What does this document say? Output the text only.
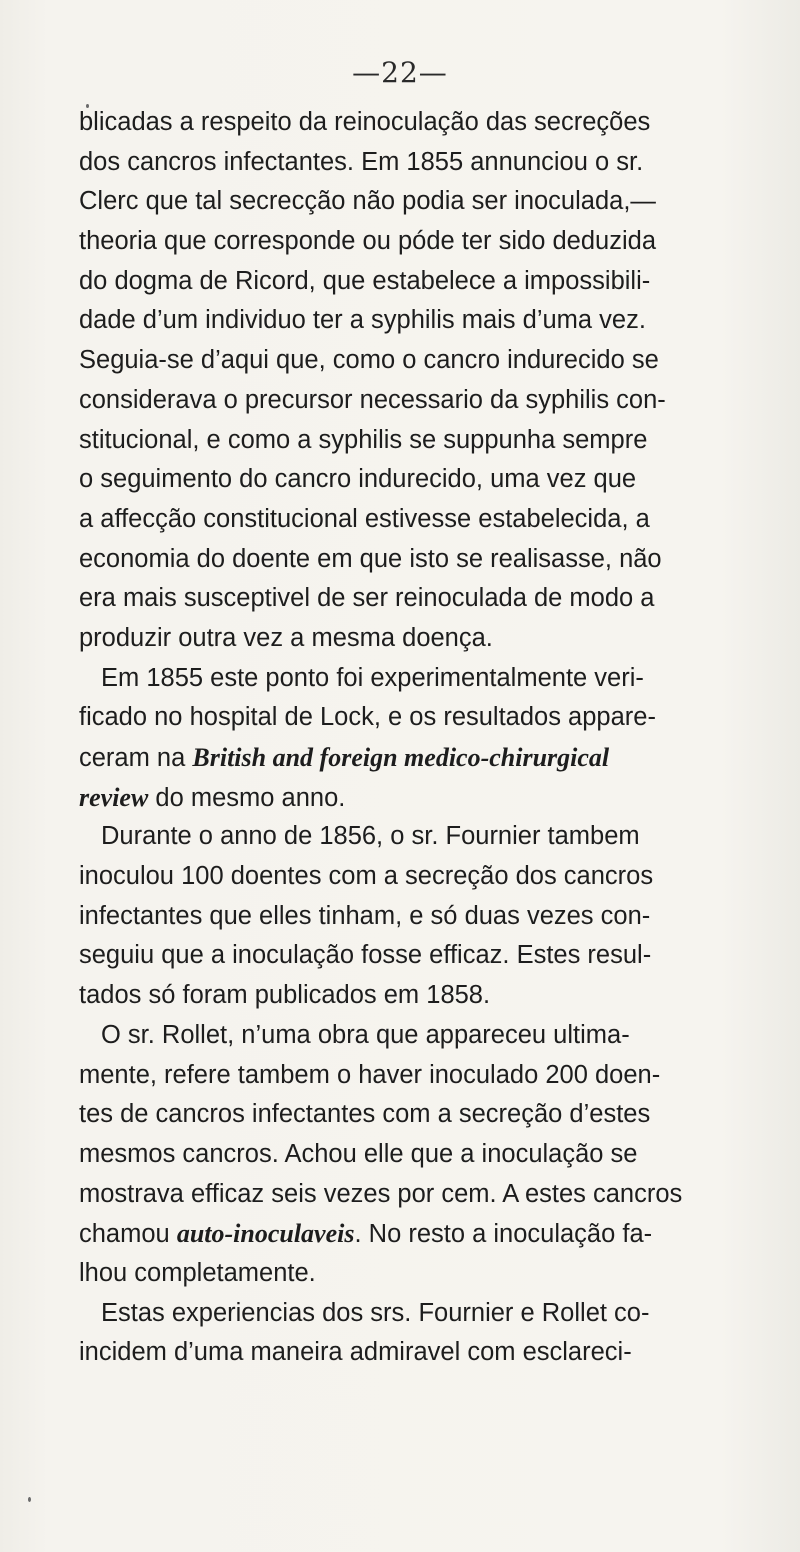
—22—
blicadas a respeito da reinoculação das secreções
dos cancros infectantes. Em 1855 annunciou o sr.
Clerc que tal secrecção não podia ser inoculada,—
theoria que corresponde ou póde ter sido deduzida
do dogma de Ricord, que estabelece a impossibili-
dade d’um individuo ter a syphilis mais d’uma vez.
Seguia-se d’aqui que, como o cancro indurecido se
considerava o precursor necessario da syphilis con-
stitucional, e como a syphilis se suppunha sempre
o seguimento do cancro indurecido, uma vez que
a affecção constitucional estivesse estabelecida, a
economia do doente em que isto se realisasse, não
era mais susceptivel de ser reinoculada de modo a
produzir outra vez a mesma doença.
Em 1855 este ponto foi experimentalmente veri-
ficado no hospital de Lock, e os resultados appare-
ceram na British and foreign medico-chirurgical
review do mesmo anno.
Durante o anno de 1856, o sr. Fournier tambem
inoculou 100 doentes com a secreção dos cancros
infectantes que elles tinham, e só duas vezes con-
seguiu que a inoculação fosse efficaz. Estes resul-
tados só foram publicados em 1858.
O sr. Rollet, n’uma obra que appareceu ultima-
mente, refere tambem o haver inoculado 200 doen-
tes de cancros infectantes com a secreção d’estes
mesmos cancros. Achou elle que a inoculação se
mostrava efficaz seis vezes por cem. A estes cancros
chamou auto-inoculaveis. No resto a inoculação fa-
lhou completamente.
Estas experiencias dos srs. Fournier e Rollet co-
incidem d’uma maneira admiravel com esclareci-
